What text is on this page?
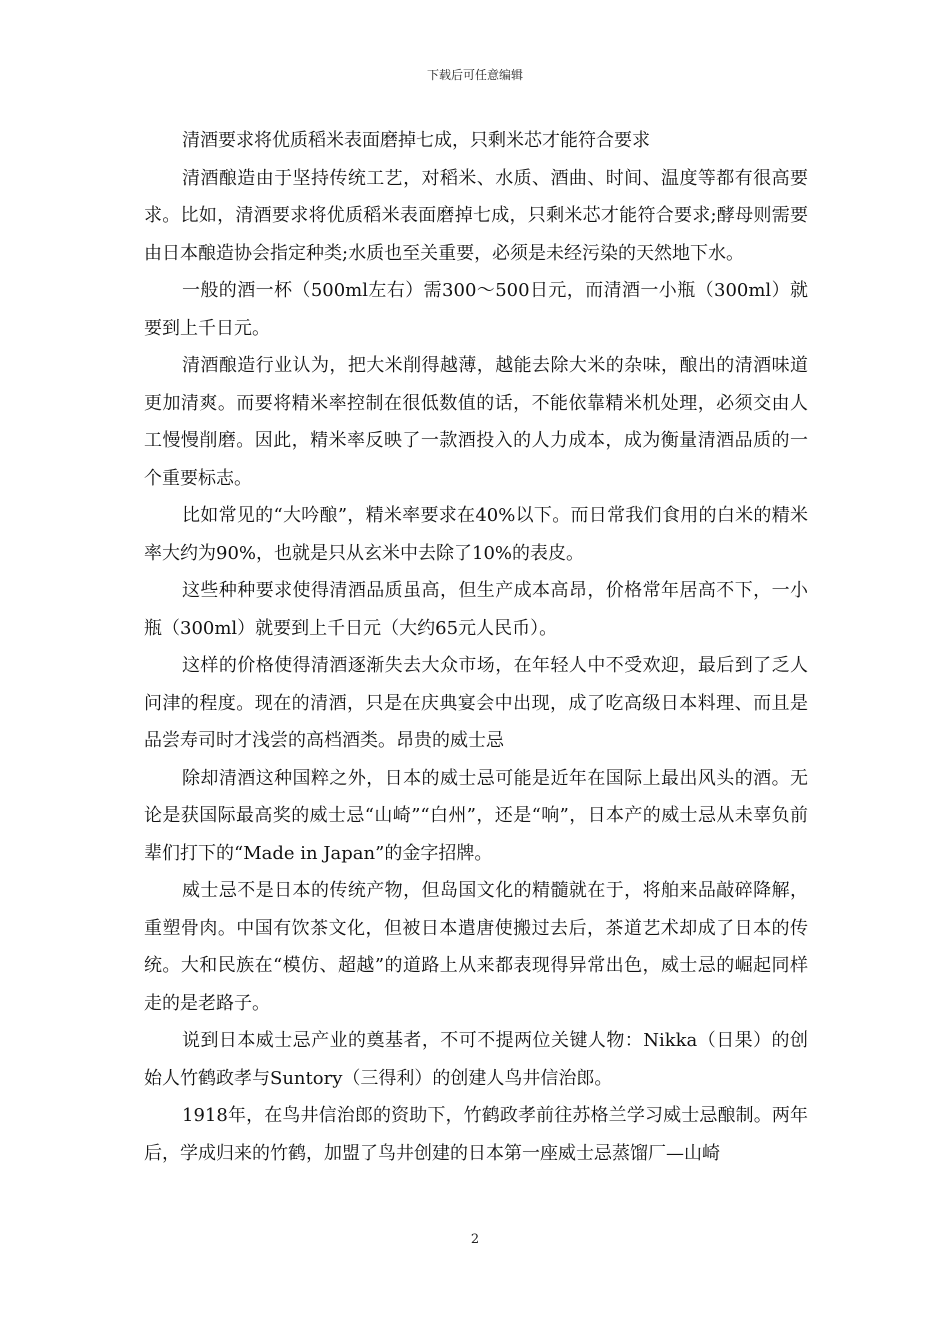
下载后可任意编辑

清酒要求将优质稻米表面磨掉七成，只剩米芯才能符合要求

清酒酿造由于坚持传统工艺，对稻米、水质、酒曲、时间、温度等都有很高要求。比如，清酒要求将优质稻米表面磨掉七成，只剩米芯才能符合要求;酵母则需要由日本酿造协会指定种类;水质也至关重要，必须是未经污染的天然地下水。

一般的酒一杯（500ml左右）需300～500日元，而清酒一小瓶（300ml）就要到上千日元。

清酒酿造行业认为，把大米削得越薄，越能去除大米的杂味，酿出的清酒味道更加清爽。而要将精米率控制在很低数值的话，不能依靠精米机处理，必须交由人工慢慢削磨。因此，精米率反映了一款酒投入的人力成本，成为衡量清酒品质的一个重要标志。

比如常见的“大吟酿”，精米率要求在40%以下。而日常我们食用的白米的精米率大约为90%，也就是只从玄米中去除了10%的表皮。

这些种种要求使得清酒品质虽高，但生产成本高昂，价格常年居高不下，一小瓶（300ml）就要到上千日元（大约65元人民币）。

这样的价格使得清酒逐渐失去大众市场，在年轻人中不受欢迎，最后到了乏人问津的程度。现在的清酒，只是在庆典宴会中出现，成了吃高级日本料理、而且是品尝寿司时才浅尝的高档酒类。昂贵的威士忌

除却清酒这种国粹之外，日本的威士忌可能是近年在国际上最出风头的酒。无论是获国际最高奖的威士忌“山崎”“白州”，还是“响”，日本产的威士忌从未辜负前辈们打下的“Made in Japan”的金字招牌。

威士忌不是日本的传统产物，但岛国文化的精髓就在于，将舶来品敲碎降解，重塑骨肉。中国有饮茶文化，但被日本遣唐使搬过去后，茶道艺术却成了日本的传统。大和民族在“模仿、超越”的道路上从来都表现得异常出色，威士忌的崛起同样走的是老路子。

说到日本威士忌产业的奠基者，不可不提两位关键人物：Nikka（日果）的创始人竹鹤政孝与Suntory（三得利）的创建人鸟井信治郎。

1918年，在鸟井信治郎的资助下，竹鹤政孝前往苏格兰学习威士忌酿制。两年后，学成归来的竹鹤，加盟了鸟井创建的日本第一座威士忌蒸馏厂—山崎

2
